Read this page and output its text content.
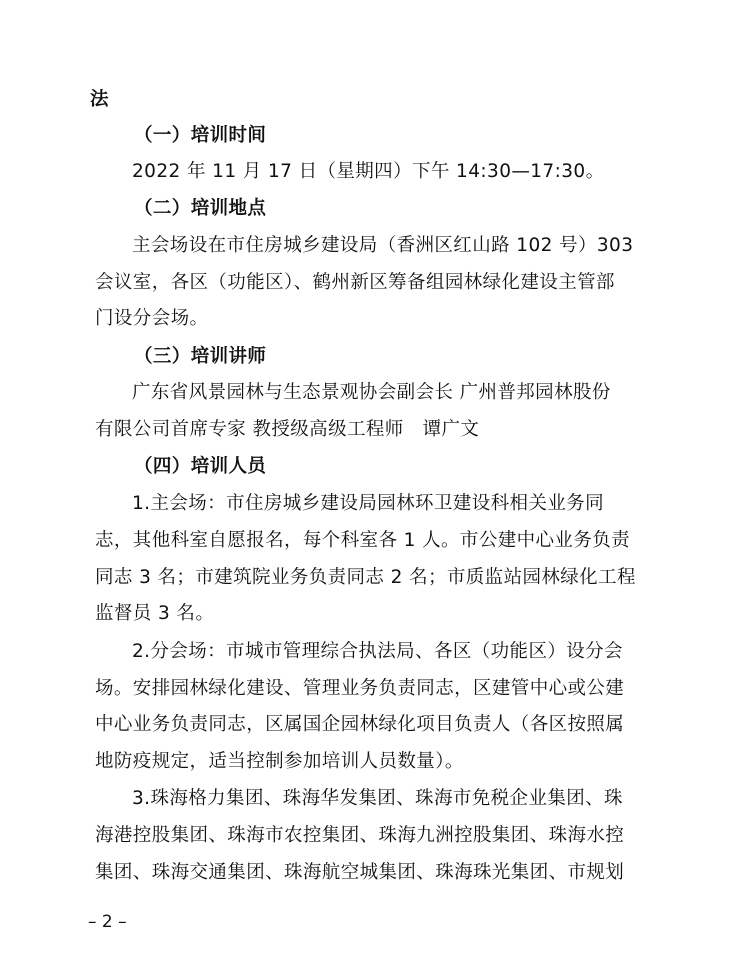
法
（一）培训时间
2022 年 11 月 17 日（星期四）下午 14:30—17:30。
（二）培训地点
主会场设在市住房城乡建设局（香洲区红山路 102 号）303
会议室，各区（功能区）、鹤州新区筹备组园林绿化建设主管部
门设分会场。
（三）培训讲师
广东省风景园林与生态景观协会副会长 广州普邦园林股份
有限公司首席专家 教授级高级工程师　谭广文
（四）培训人员
1.主会场：市住房城乡建设局园林环卫建设科相关业务同
志，其他科室自愿报名，每个科室各 1 人。市公建中心业务负责
同志 3 名；市建筑院业务负责同志 2 名；市质监站园林绿化工程
监督员 3 名。
2.分会场：市城市管理综合执法局、各区（功能区）设分会
场。安排园林绿化建设、管理业务负责同志，区建管中心或公建
中心业务负责同志，区属国企园林绿化项目负责人（各区按照属
地防疫规定，适当控制参加培训人员数量）。
3.珠海格力集团、珠海华发集团、珠海市免税企业集团、珠
海港控股集团、珠海市农控集团、珠海九洲控股集团、珠海水控
集团、珠海交通集团、珠海航空城集团、珠海珠光集团、市规划
– 2 –
